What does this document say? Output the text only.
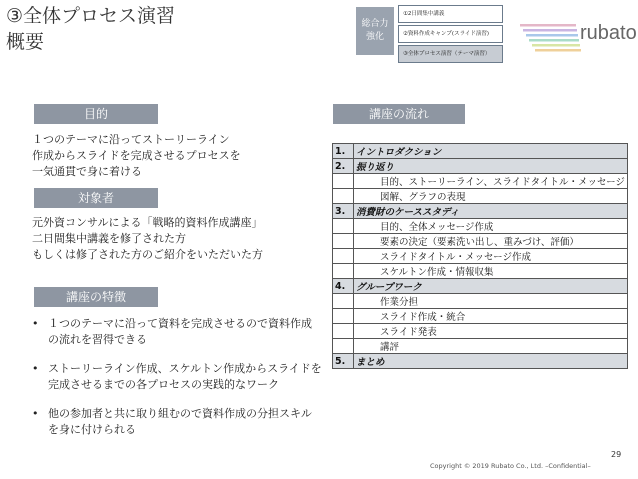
③全体プロセス演習
概要
総合力
強化
①2日間集中講義
②資料作成キャンプ(スライド演習)
③全体プロセス演習（テーマ演習）
rubato
目的
１つのテーマに沿ってストーリーライン
作成からスライドを完成させるプロセスを
一気通貫で身に着ける
対象者
元外資コンサルによる「戦略的資料作成講座」
二日間集中講義を修了された方
もしくは修了された方のご紹介をいただいた方
講座の特徴
• １つのテーマに沿って資料を完成させるので資料作成の流れを習得できる
• ストーリーライン作成、スケルトン作成からスライドを完成させるまでの各プロセスの実践的なワーク
• 他の参加者と共に取り組むので資料作成の分担スキルを身に付けられる
講座の流れ
1.	イントロダクション
2.	振り返り
	目的、ストーリーライン、スライドタイトル・メッセージ
	図解、グラフの表現
3.	消費財のケーススタディ
	目的、全体メッセージ作成
	要素の決定（要素洗い出し、重みづけ、評価）
	スライドタイトル・メッセージ作成
	スケルトン作成・情報収集
4.	グループワーク
	作業分担
	スライド作成・統合
	スライド発表
	講評
5.	まとめ
29
Copyright © 2019 Rubato Co., Ltd. –Confidential–
